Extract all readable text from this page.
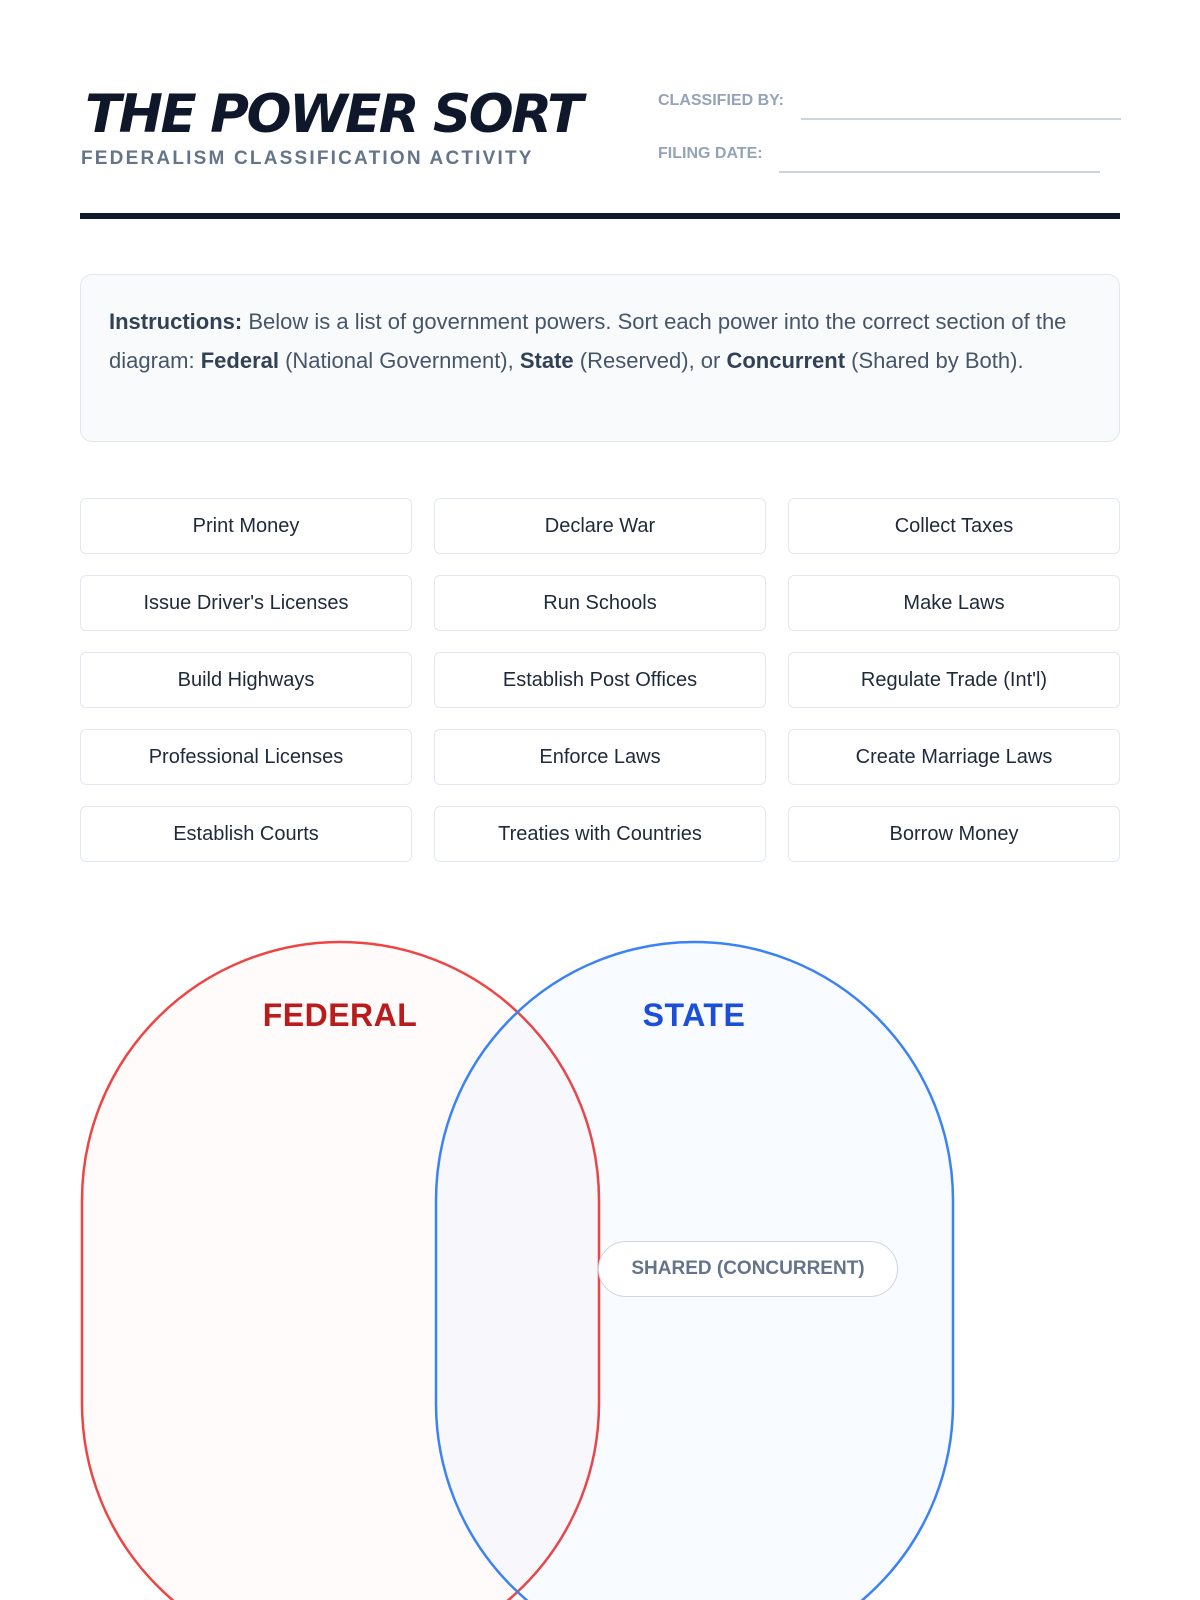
THE POWER SORT
FEDERALISM CLASSIFICATION ACTIVITY
CLASSIFIED BY:
FILING DATE:
Instructions: Below is a list of government powers. Sort each power into the correct section of the diagram: Federal (National Government), State (Reserved), or Concurrent (Shared by Both).
Print Money	Declare War	Collect Taxes
Issue Driver's Licenses	Run Schools	Make Laws
Build Highways	Establish Post Offices	Regulate Trade (Int'l)
Professional Licenses	Enforce Laws	Create Marriage Laws
Establish Courts	Treaties with Countries	Borrow Money
FEDERAL	STATE
SHARED (CONCURRENT)
